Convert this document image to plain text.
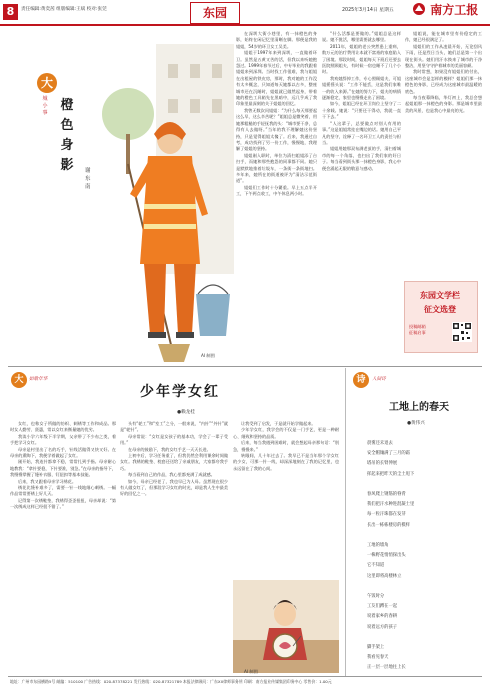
8	责任编辑:黄奕茜 组版编辑:王斌 校对:张莞	东园	2025年3月14日 星期五	南方工报
大
城小事 橙
色
身
影	谢东南
AI 制图

在深圳大街小巷里，有一抹橙色的身影，始终在闲记忆里清晰在脚。那便是我的姐姐，54岁的环卫女工吴美。

姐姐于1997年来到深圳，一直做着环卫。虽然是五黄又苦的活，但我以来听她抱怨过。1999年春节过后，中专毕业的我跟着姐姐来到深圳。当时找工作很难，我与姐姐在出租屋的铁皮房，那时，我对她的工作没有太多概念，只知道每天她都以古多，整座城市还在沉睡时，姐姐就已做然起身，带着她的橙色工具箱先在黑暗中，远几乎成了我印象里最深刻的关于姐姐的回忆。

我曾无数次问姐姐：“为什么每天那要起这么早，这么辛苦呢？”姐姐总是微笑着，用她那粗糙的手轻抚我的头：“城市要干净，总得有人去做呀。”当年的我不理解她这份坚持，只是觉得姐姐太傻了。后来，我通过自考，成功找到了另一份工作，慢慢地，我理解了姐姐的坚持。

姐姐刚入职时，单位为清扫姐姐添了台扫手，而她和那些抱怨的同事都不同。她只是默默地推着垃圾车，一条街一条街地扫。多年来，她所在的街道被评为“清洁示范街道”。

姐姐们工作时十分繁重。早上五点半开工，下午两点收工，中午休息两小时。

“什么活都是要做的。”姐姐总是这样说。她不挑活，哪里需要就去哪里。

2011年，姐姐的老公突然患上重病，数万元的治疗费用让本就不富裕的家庭陷入了困境。那段时间，姐姐每天下班后还要去医院照顾姐夫，有时候一宿也睡不了几个小时。

我劝她辞掉工作，专心照顾姐夫，可姐姐摇摇头说：“工作不能丢，这是我们家唯一的收入来源。”在她的努力下，姐夫的病情逐渐稳定，家里也慢慢走出了困境。

如今，姐姐已经在环卫岗位上坚守了二十余载。她说：“只要还干得动，我就一直干下去。”

“人这辈子，总要做点对别人有用的事。”这是姐姐常挂在嘴边的话。她用自己平凡的坚守，诠释了一名环卫工人的责任与担当。

姐姐用她那双布满老茧的手，清扫着城市的每一个角落，也扫出了我们家的好日子。每当看到街头那一抹橙色身影，我心中便会涌起无限的敬意与感动。

姐姐说，能在城市里有份稳定的工作，她已经很满足了。

姐姐们的工作从凌晨开始，无论刮风下雨，还是烈日当头，她们总是第一个出现在街头。她们用汗水换来了城市的干净整洁，用坚守守护着城市的美丽容颜。

我时常想，如果没有姐姐们的付出，这座城市会是怎样的模样？姐姐们那一抹橙色的身影，已经成为这座城市最温暖的底色。

每当夜幕降临，华灯初上，我总会想起姐姐那一抹橙色的身影。那是城市里最美的风景，也是我心中最亮的光。

东园文学栏
征文选登
投稿邮箱
征稿启事
大	如歌年华
少年学女红
●赖龙桂

女红，也称女子所做的纺织、刺绣等工作和成品。那时女人勤劳、贤惠，常以女红来衡量她的优劣。

我读小学六年级下半学期，父亲带了不少布之类，着手把学习女红。

母亲是村里出了名的巧手，针线活做得又快又好。在母亲的熏陶下，我便学着做起了女红。

刚开始，我连针都拿不稳，常常扎到手指。母亲耐心地教我：“拿针要稳，下针要准，别急。”在母亲的指导下，我慢慢掌握了缝补衣服、钉纽扣等基本技能。

后来，我又跟着母亲学习绣花。

绣花比缝补难多了，需要一针一线地细心刺绣。一幅作品常常要绣上好几天。

记得第一次绣鞋垫，我绣得歪歪扭扭，母亲却说：“第一次绣成这样已经很不错了。”

头有“轮工”和“室工”之分，一般来说，“内针”“外针”就是“轮针”。

母亲常说：“女红是女孩子的基本功，学会了一辈子受用。”

在母亲的鼓励下，我的女红手艺一天天长进。

上初中后，学习任务重了，但我仍然会利用课余时间做女红。我绣的鞋垫、枕套还送给了亲戚朋友，大家都夸我手巧。

每当看到自己的作品，我心里都充满了成就感。

如今，母亲已经老了，我也早已为人母。虽然现在很少有人做女红了，但那段学习女红的时光，却是我人生中最美好的回忆之一。

让我受到了启发，于是就开始学做起来。

少年学女红，我学会的不仅是一门手艺，更是一种耐心、细致和坚持的品质。

后来，每当我遇到困难时，就会想起母亲那句话：“别急，慢慢来。”

转眼间，几十年过去了。我早已不是当年那个学女红的少女，可那一针一线，却深深地刻在了我的记忆里，也永远留在了我的心间。

AI 制图
诗	人间诗
工地上的春天
●黄伟兴
晨雾还未退去
安全帽镶满了三月的霜
塔吊的长臂伸展
挥起来把昨天的尘土甩下
春风爬上钢筋的脊背
我们把汗水种进混凝土里
每一粒汗珠都在发芽
长出一栋栋楼房的模样
工地的墙角
一株野花悄悄探出头
它不知道
这里即将高楼林立
午饭时分
工友们蹲在一起
说着家乡的春耕
说着远方的孩子
脚手架上
我看见春天
正一层一层地往上长
地址：广州市东园横路5号 邮编：510100 广告热线：020-87378221 发行热线：020-87321789 本报法律顾问：广东XX律师事务所 印刷：南方报业传媒集团印务中心 零售价：1.00元
